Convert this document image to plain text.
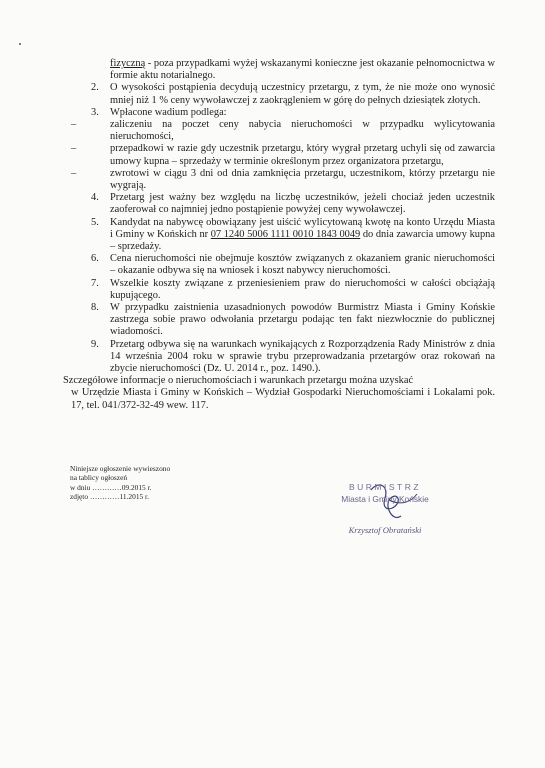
fizyczną - poza przypadkami wyżej wskazanymi konieczne jest okazanie pełnomocnictwa w formie aktu notarialnego.

2. O wysokości postąpienia decydują uczestnicy przetargu, z tym, że nie może ono wynosić mniej niż 1 % ceny wywoławczej z zaokrągleniem w górę do pełnych dziesiątek złotych.

3. Wpłacone wadium podlega:

–	zaliczeniu na poczet ceny nabycia nieruchomości w przypadku wylicytowania nieruchomości,

–	przepadkowi w razie gdy uczestnik przetargu, który wygrał przetarg uchyli się od zawarcia umowy kupna – sprzedaży w terminie określonym przez organizatora przetargu,

–	zwrotowi w ciągu 3 dni od dnia zamknięcia przetargu, uczestnikom, którzy przetargu nie wygrają.

4. Przetarg jest ważny bez względu na liczbę uczestników, jeżeli chociaż jeden uczestnik zaoferował co najmniej jedno postąpienie powyżej ceny wywoławczej.

5. Kandydat na nabywcę obowiązany jest uiścić wylicytowaną kwotę na konto Urzędu Miasta i Gminy w Końskich nr 07 1240 5006 1111 0010 1843 0049 do dnia zawarcia umowy kupna – sprzedaży.

6. Cena nieruchomości nie obejmuje kosztów związanych z okazaniem granic nieruchomości – okazanie odbywa się na wniosek i koszt nabywcy nieruchomości.

7. Wszelkie koszty związane z przeniesieniem praw do nieruchomości w całości obciążają kupującego.

8. W przypadku zaistnienia uzasadnionych powodów Burmistrz Miasta i Gminy Końskie zastrzega sobie prawo odwołania przetargu podając ten fakt niezwłocznie do publicznej wiadomości.

9. Przetarg odbywa się na warunkach wynikających z Rozporządzenia Rady Ministrów z dnia 14 września 2004 roku w sprawie trybu przeprowadzania przetargów oraz rokowań na zbycie nieruchomości (Dz. U. 2014 r., poz. 1490.).

Szczegółowe informacje o nieruchomościach i warunkach przetargu można uzyskać

w Urzędzie Miasta i Gminy w Końskich – Wydział Gospodarki Nieruchomościami i Lokalami pok. 17, tel. 041/372-32-49 wew. 117.

Niniejsze ogłoszenie wywieszono
na tablicy ogłoszeń
w dniu …………09.2015 r.
zdjęto …………11.2015 r.
BURMISTRZ
Miasta i Gminy Końskie
Krzysztof Obratański
